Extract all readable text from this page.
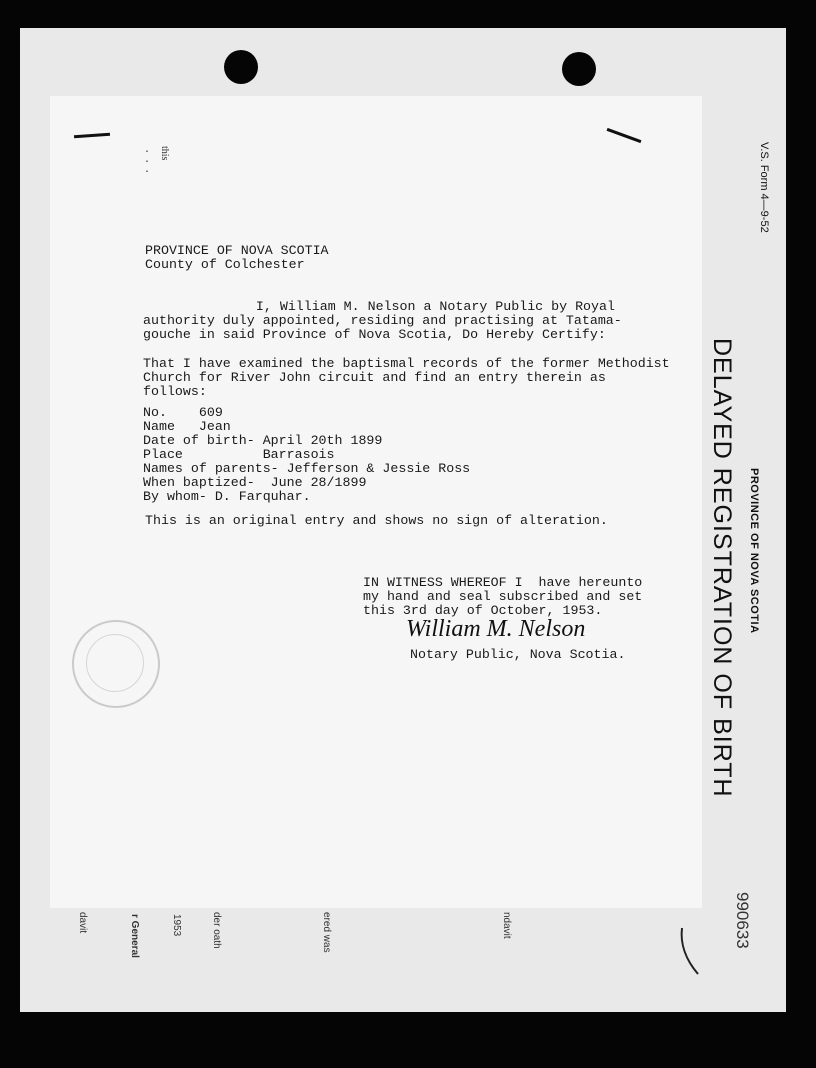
V.S. Form 4—9-52
PROVINCE OF NOVA SCOTIA
DELAYED REGISTRATION OF BIRTH
990633
.
.
.
this
PROVINCE OF NOVA SCOTIA
County of Colchester
I, William M. Nelson a Notary Public by Royal
authority duly appointed, residing and practising at Tatama-
gouche in said Province of Nova Scotia, Do Hereby Certify:
That I have examined the baptismal records of the former Methodist
Church for River John circuit and find an entry therein as
follows:
No.    609
Name   Jean
Date of birth- April 20th 1899
Place          Barrasois
Names of parents- Jefferson & Jessie Ross
When baptized-  June 28/1899
By whom- D. Farquhar.
This is an original entry and shows no sign of alteration.
IN WITNESS WHEREOF I  have hereunto
my hand and seal subscribed and set
this 3rd day of October, 1953.
William M. Nelson
Notary Public, Nova Scotia.
davit	der oath	ered was	ndavit
1953
r General
